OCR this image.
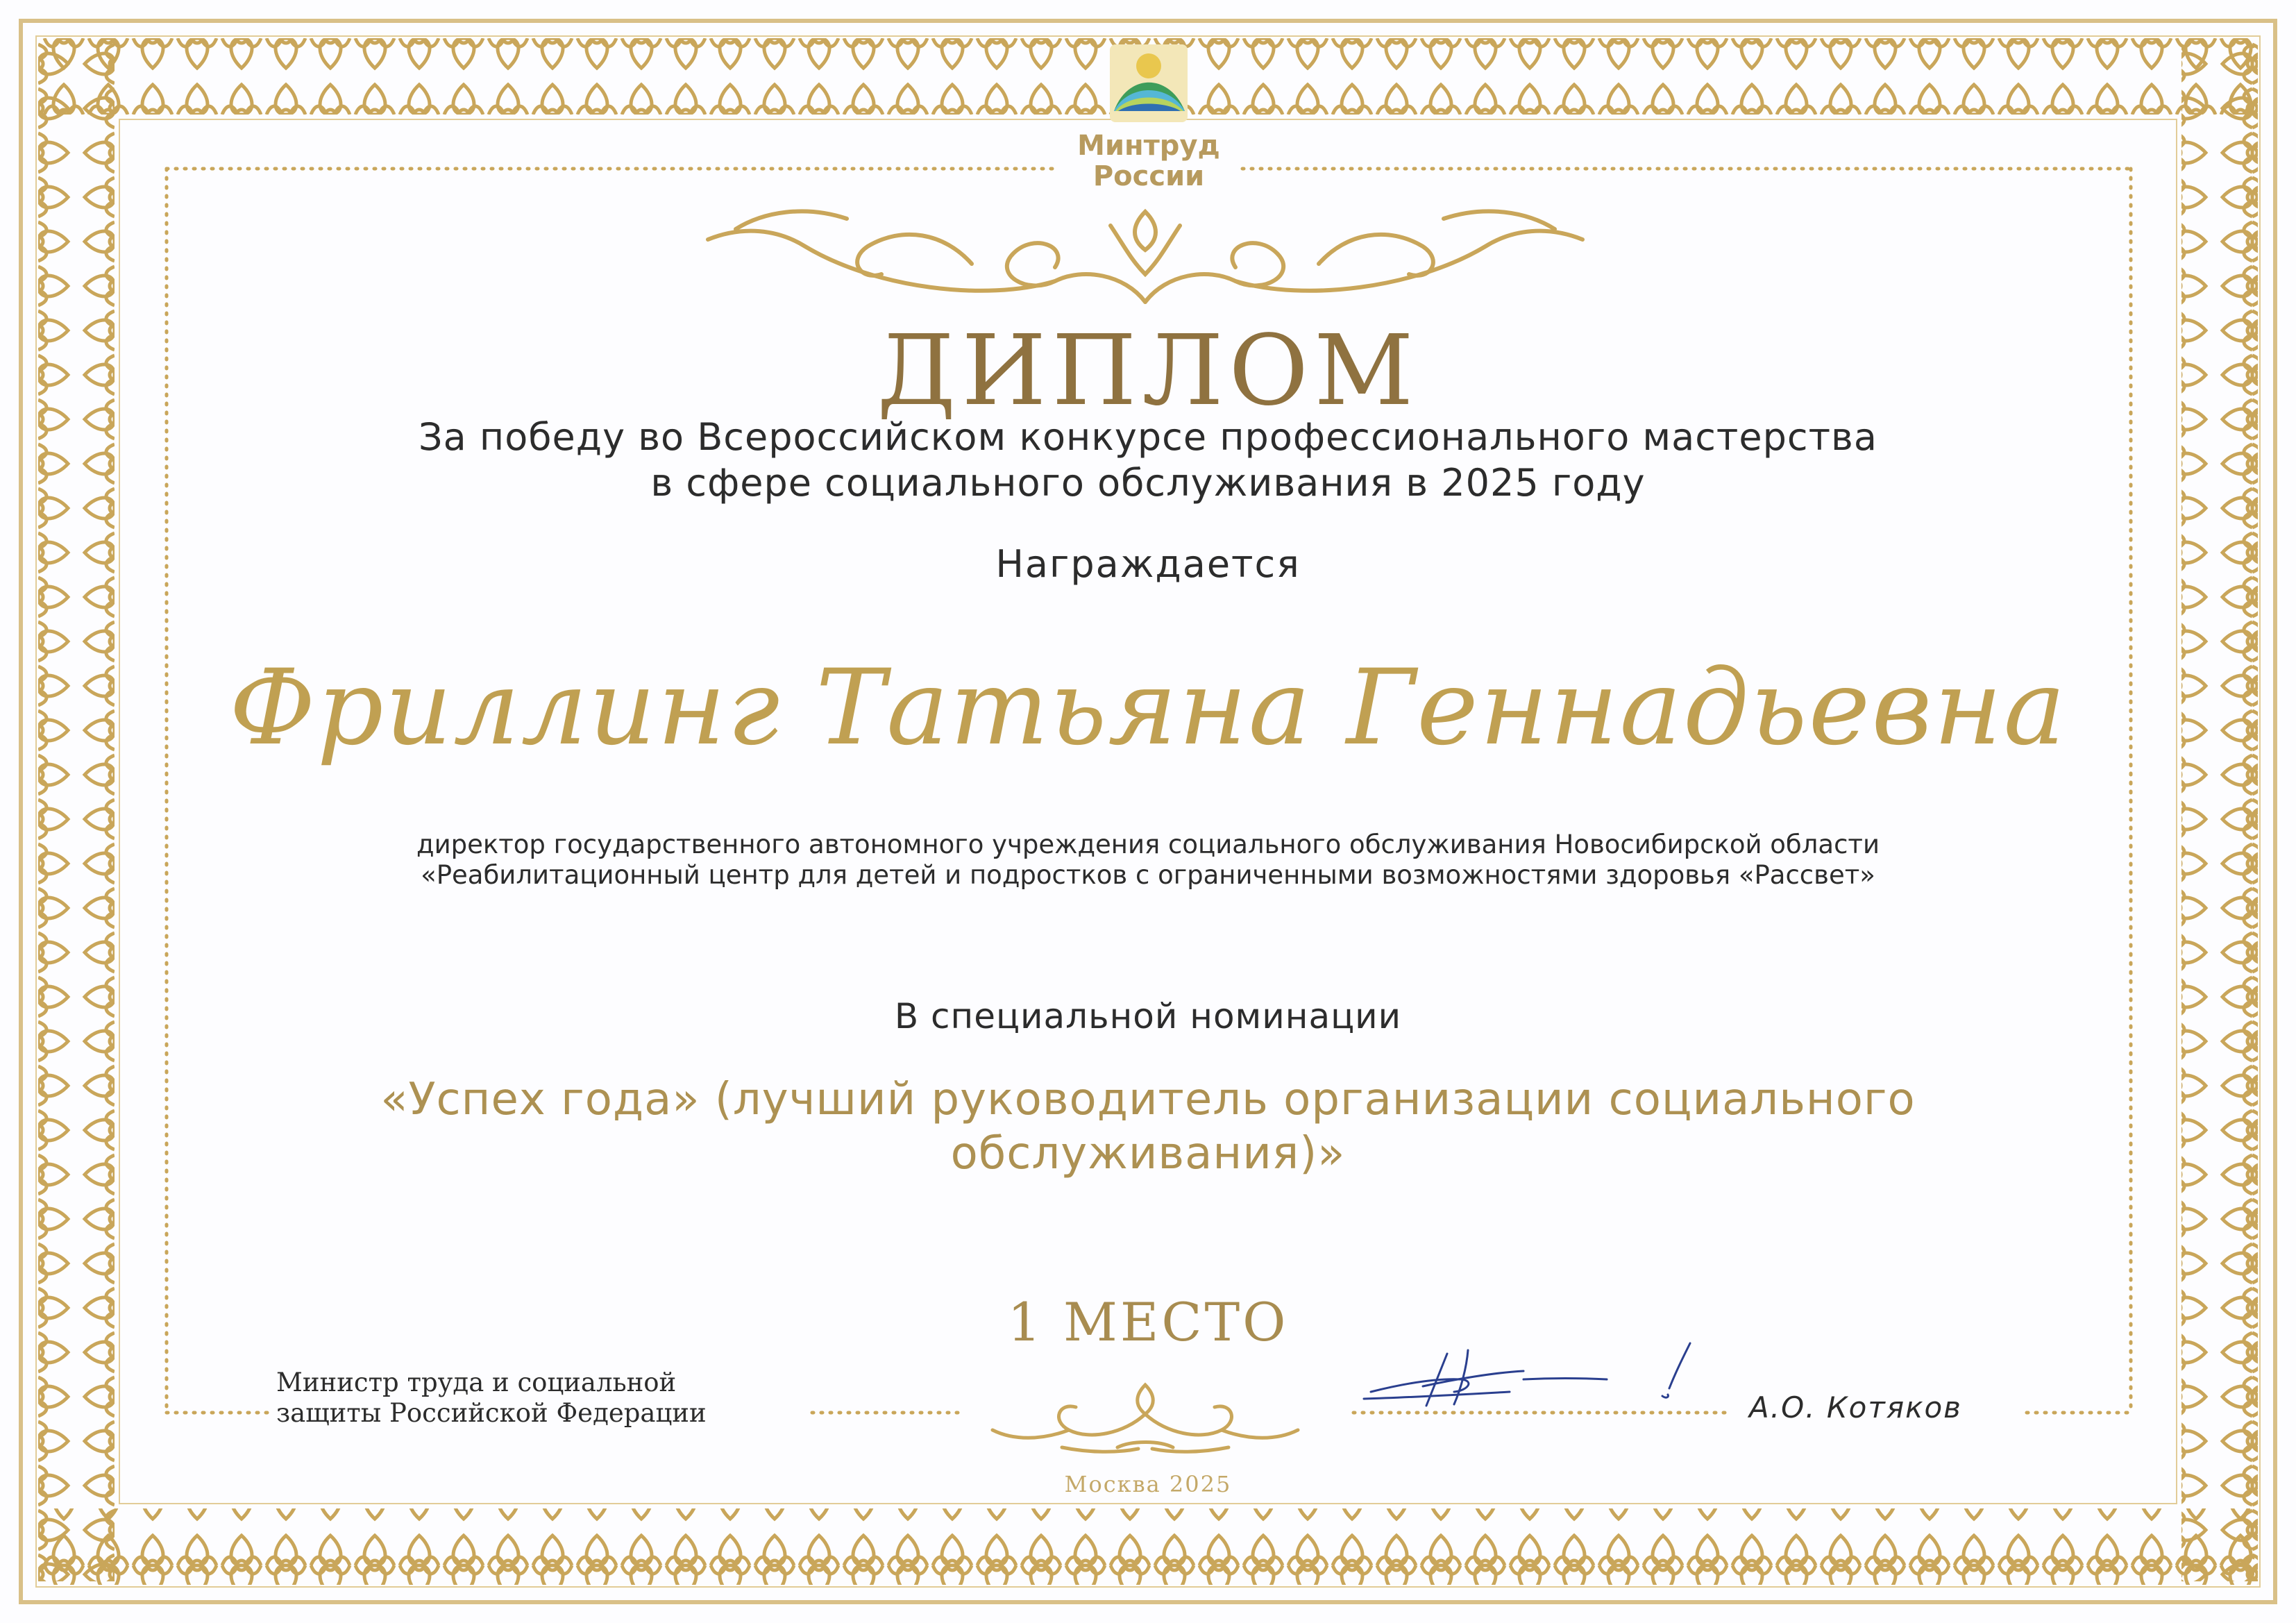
Минтруд
России
ДИПЛОМ
За победу во Всероссийском конкурсе профессионального мастерства
в сфере социального обслуживания в 2025 году
Награждается
Фриллинг Татьяна Геннадьевна
директор государственного автономного учреждения социального обслуживания Новосибирской области
«Реабилитационный центр для детей и подростков с ограниченными возможностями здоровья «Рассвет»
В специальной номинации
«Успех года» (лучший руководитель организации социального
обслуживания)»
1 МЕСТО
Министр труда и социальной
защиты Российской Федерации	А.О. Котяков
Москва 2025
